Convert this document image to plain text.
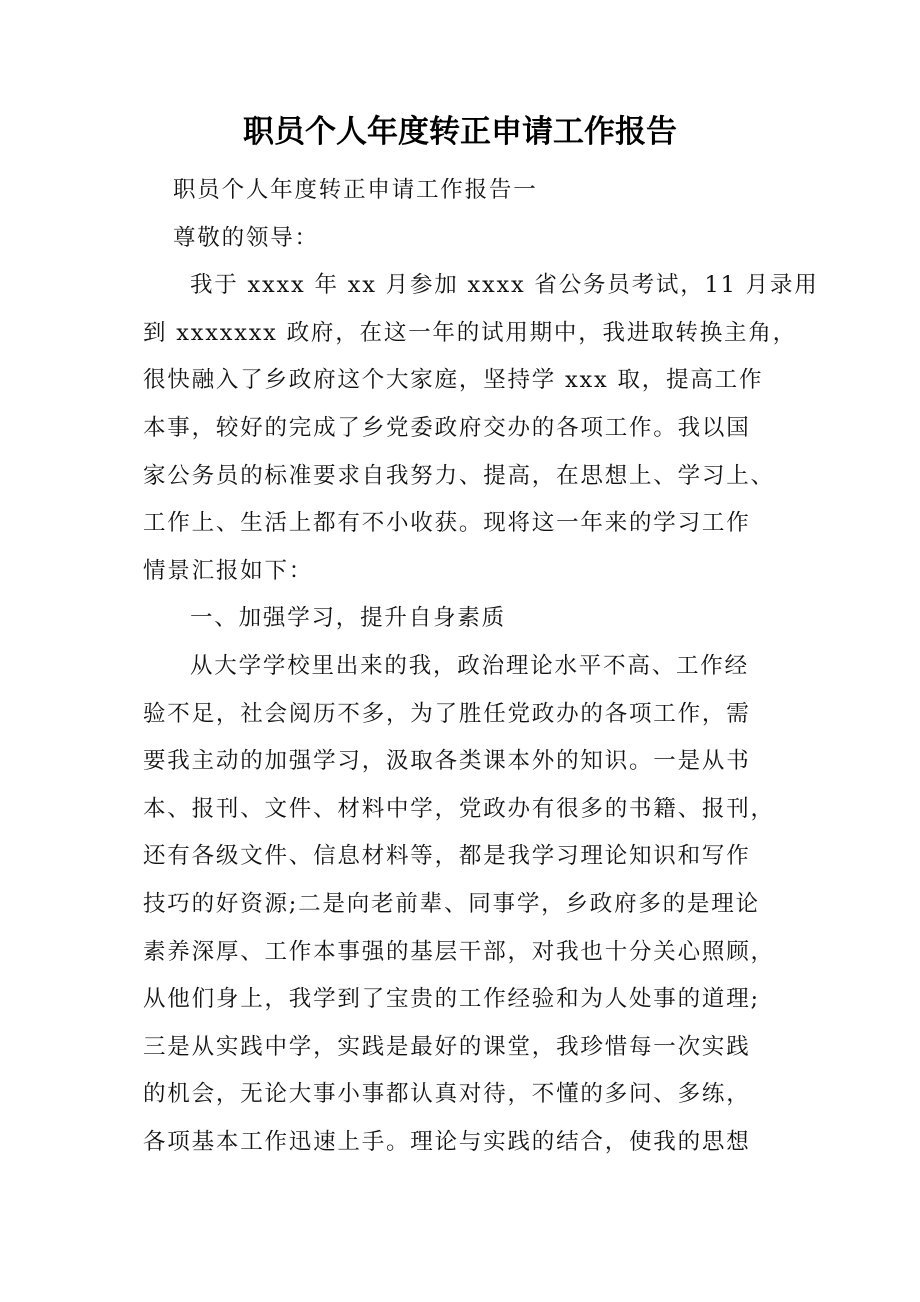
职员个人年度转正申请工作报告
职员个人年度转正申请工作报告一
尊敬的领导：
我于 xxxx 年 xx 月参加 xxxx 省公务员考试，11 月录用
到 xxxxxxx 政府，在这一年的试用期中，我进取转换主角，
很快融入了乡政府这个大家庭，坚持学 xxx 取，提高工作
本事，较好的完成了乡党委政府交办的各项工作。我以国
家公务员的标准要求自我努力、提高，在思想上、学习上、
工作上、生活上都有不小收获。现将这一年来的学习工作
情景汇报如下：
一、加强学习，提升自身素质
从大学学校里出来的我，政治理论水平不高、工作经
验不足，社会阅历不多，为了胜任党政办的各项工作，需
要我主动的加强学习，汲取各类课本外的知识。一是从书
本、报刊、文件、材料中学，党政办有很多的书籍、报刊，
还有各级文件、信息材料等，都是我学习理论知识和写作
技巧的好资源;二是向老前辈、同事学，乡政府多的是理论
素养深厚、工作本事强的基层干部，对我也十分关心照顾，
从他们身上，我学到了宝贵的工作经验和为人处事的道理;
三是从实践中学，实践是最好的课堂，我珍惜每一次实践
的机会，无论大事小事都认真对待，不懂的多问、多练，
各项基本工作迅速上手。理论与实践的结合，使我的思想
